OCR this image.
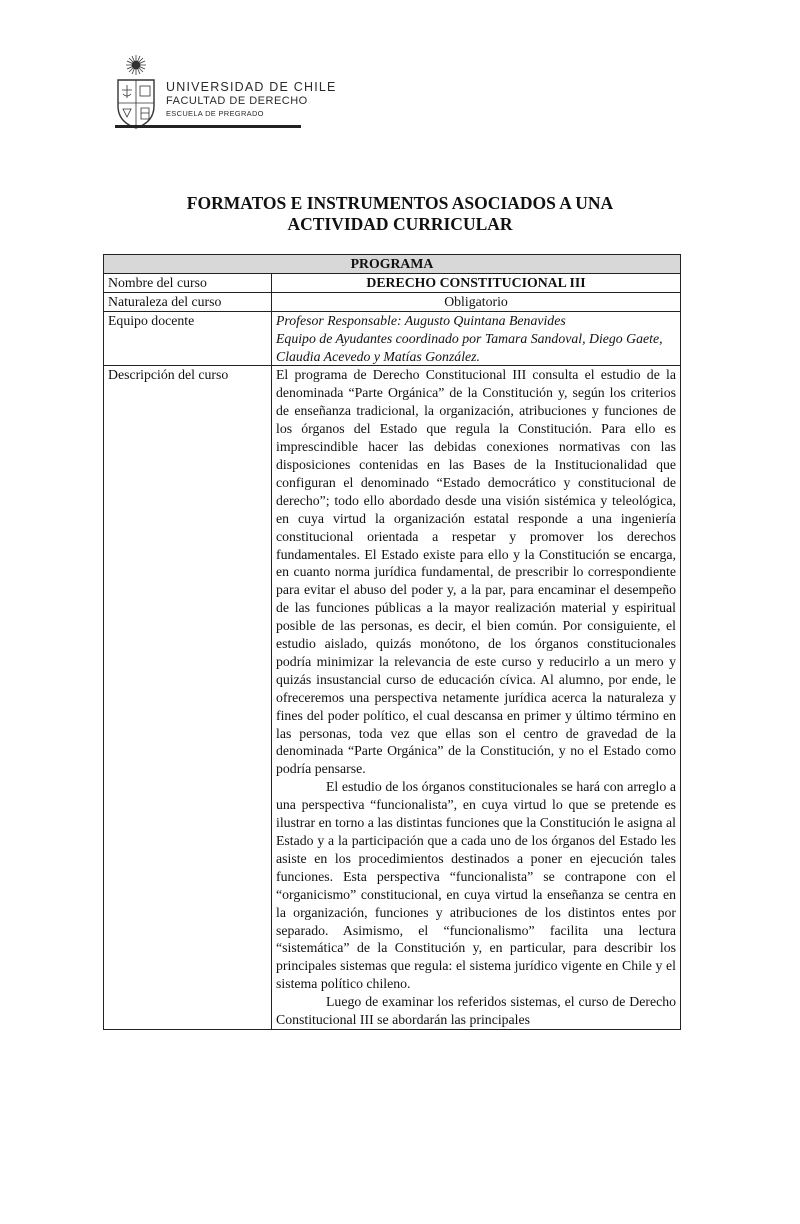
UNIVERSIDAD DE CHILE
FACULTAD DE DERECHO
ESCUELA DE PREGRADO
FORMATOS E INSTRUMENTOS ASOCIADOS A UNA
ACTIVIDAD CURRICULAR
PROGRAMA	
Nombre del curso	DERECHO CONSTITUCIONAL III
Naturaleza del curso	Obligatorio
Equipo docente	Profesor Responsable: Augusto Quintana Benavides
Equipo de Ayudantes coordinado por Tamara Sandoval, Diego Gaete, Claudia Acevedo y Matías González.

Descripción del curso	El programa de Derecho Constitucional III consulta el estudio de la denominada “Parte Orgánica” de la Constitución y, según los criterios de enseñanza tradicional, la organización, atribuciones y funciones de los órganos del Estado que regula la Constitución. Para ello es imprescindible hacer las debidas conexiones normativas con las disposiciones contenidas en las Bases de la Institucionalidad que configuran el denominado “Estado democrático y constitucional de derecho”; todo ello abordado desde una visión sistémica y teleológica, en cuya virtud la organización estatal responde a una ingeniería constitucional orientada a respetar y promover los derechos fundamentales. El Estado existe para ello y la Constitución se encarga, en cuanto norma jurídica fundamental, de prescribir lo correspondiente para evitar el abuso del poder y, a la par, para encaminar el desempeño de las funciones públicas a la mayor realización material y espiritual posible de las personas, es decir, el bien común. Por consiguiente, el estudio aislado, quizás monótono, de los órganos constitucionales podría minimizar la relevancia de este curso y reducirlo a un mero y quizás insustancial curso de educación cívica. Al alumno, por ende, le ofreceremos una perspectiva netamente jurídica acerca la naturaleza y fines del poder político, el cual descansa en primer y último término en las personas, toda vez que ellas son el centro de gravedad de la denominada “Parte Orgánica” de la Constitución, y no el Estado como podría pensarse.

El estudio de los órganos constitucionales se hará con arreglo a una perspectiva “funcionalista”, en cuya virtud lo que se pretende es ilustrar en torno a las distintas funciones que la Constitución le asigna al Estado y a la participación que a cada uno de los órganos del Estado les asiste en los procedimientos destinados a poner en ejecución tales funciones. Esta perspectiva “funcionalista” se contrapone con el “organicismo” constitucional, en cuya virtud la enseñanza se centra en la organización, funciones y atribuciones de los distintos entes por separado. Asimismo, el “funcionalismo” facilita una lectura “sistemática” de la Constitución y, en particular, para describir los principales sistemas que regula: el sistema jurídico vigente en Chile y el sistema político chileno.

Luego de examinar los referidos sistemas, el curso de Derecho Constitucional III se abordarán las principales
